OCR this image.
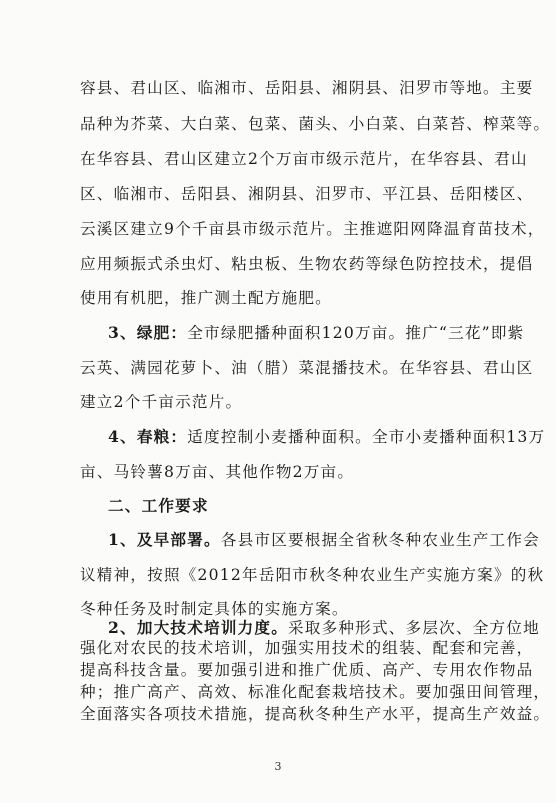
容县、君山区、临湘市、岳阳县、湘阴县、汨罗市等地。主要
品种为芥菜、大白菜、包菜、菌头、小白菜、白菜苔、榨菜等。
在华容县、君山区建立2个万亩市级示范片，在华容县、君山
区、临湘市、岳阳县、湘阴县、汨罗市、平江县、岳阳楼区、
云溪区建立9个千亩县市级示范片。主推遮阳网降温育苗技术，
应用频振式杀虫灯、粘虫板、生物农药等绿色防控技术，提倡
使用有机肥，推广测土配方施肥。
3、绿肥：全市绿肥播种面积120万亩。推广“三花”即紫
云英、满园花萝卜、油（腊）菜混播技术。在华容县、君山区
建立2个千亩示范片。
4、春粮：适度控制小麦播种面积。全市小麦播种面积13万
亩、马铃薯8万亩、其他作物2万亩。
二、工作要求
1、及早部署。各县市区要根据全省秋冬种农业生产工作会
议精神，按照《2012年岳阳市秋冬种农业生产实施方案》的秋
冬种任务及时制定具体的实施方案。
2、加大技术培训力度。采取多种形式、多层次、全方位地
强化对农民的技术培训，加强实用技术的组装、配套和完善，
提高科技含量。要加强引进和推广优质、高产、专用农作物品
种；推广高产、高效、标准化配套栽培技术。要加强田间管理，
3
全面落实各项技术措施，提高秋冬种生产水平，提高生产效益。
